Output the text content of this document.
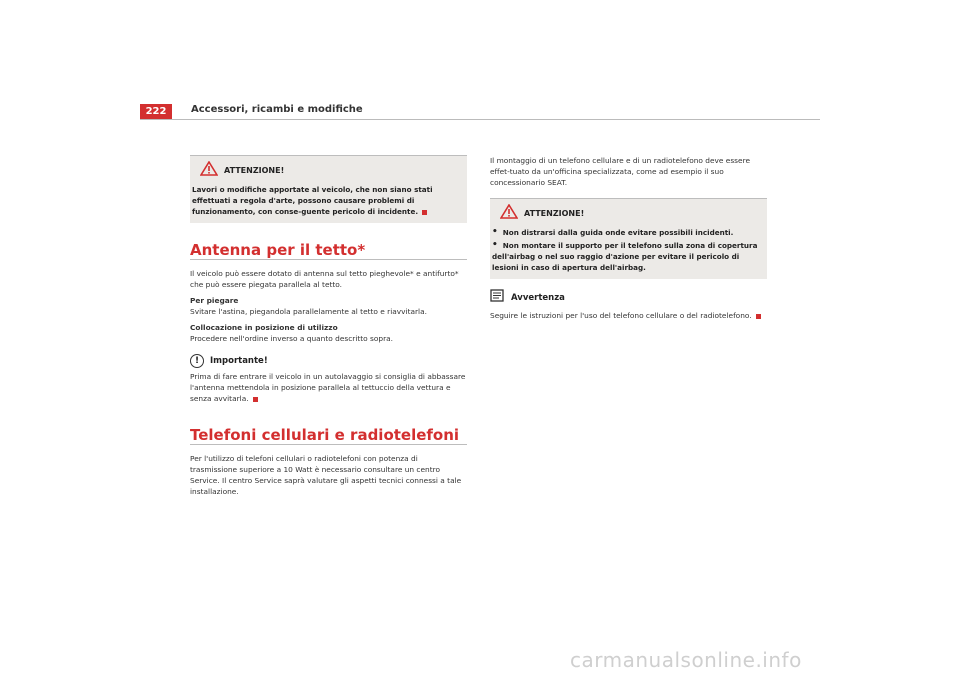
222	Accessori, ricambi e modifiche
ATTENZIONE!
Lavori o modifiche apportate al veicolo, che non siano stati effettuati a regola d'arte, possono causare problemi di funzionamento, con conse-guente pericolo di incidente.
Antenna per il tetto*

Il veicolo può essere dotato di antenna sul tetto pieghevole* e antifurto* che può essere piegata parallela al tetto.

Per piegare

Svitare l'astina, piegandola parallelamente al tetto e riavvitarla.

Collocazione in posizione di utilizzo

Procedere nell'ordine inverso a quanto descritto sopra.

!	Importante!

Prima di fare entrare il veicolo in un autolavaggio si consiglia di abbassare l'antenna mettendola in posizione parallela al tettuccio della vettura e senza avvitarla.

Telefoni cellulari e radiotelefoni

Per l'utilizzo di telefoni cellulari o radiotelefoni con potenza di trasmissione superiore a 10 Watt è necessario consultare un centro Service. Il centro Service saprà valutare gli aspetti tecnici connessi a tale installazione.

Il montaggio di un telefono cellulare e di un radiotelefono deve essere effet-tuato da un'officina specializzata, come ad esempio il suo concessionario SEAT.

ATTENZIONE!
• Non distrarsi dalla guida onde evitare possibili incidenti.
• Non montare il supporto per il telefono sulla zona di copertura
dell'airbag o nel suo raggio d'azione per evitare il pericolo di lesioni in caso di apertura dell'airbag.
Avvertenza

Seguire le istruzioni per l'uso del telefono cellulare o del radiotelefono.

carmanualsonline.info
